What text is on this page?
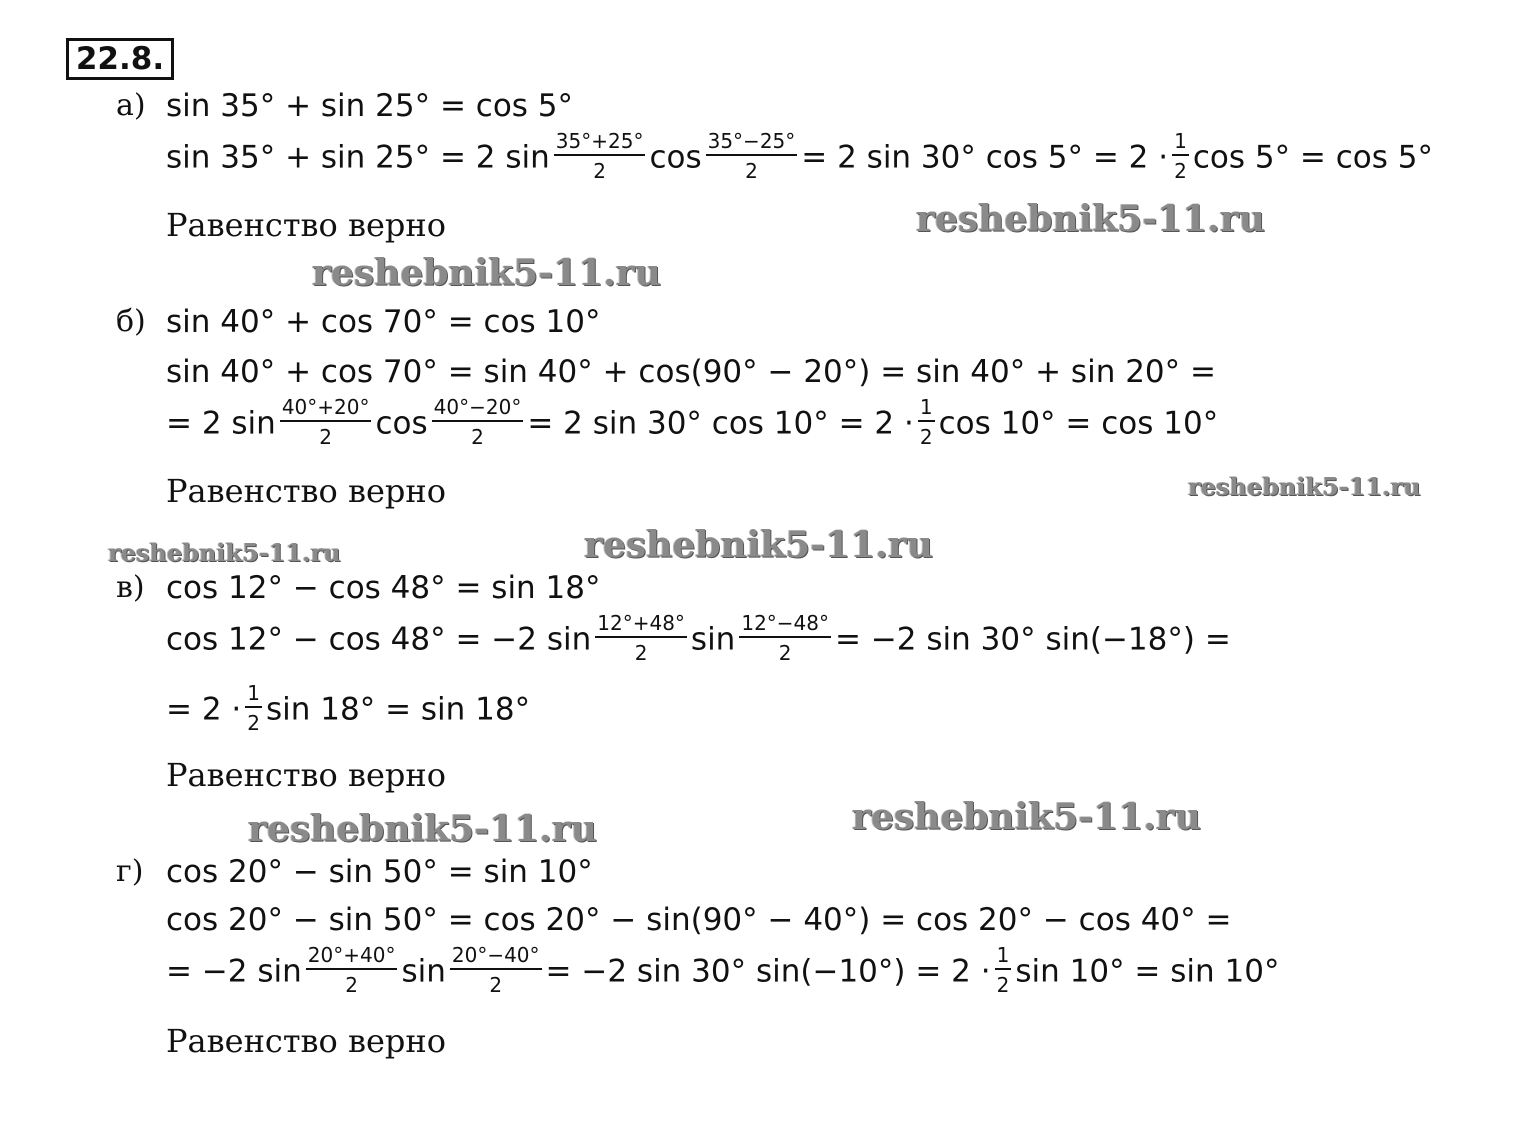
22.8.
а) sin 35° + sin 25° = cos 5°
sin 35° + sin 25° = 2 $\sin \frac{35^\circ+25^\circ}{2}$ $\cos \frac{35^\circ-25^\circ}{2} = 2$ sin 30° $\cos 5^\circ = 2 \cdot \frac{1}{2}$ cos 5° = cos 5°
Равенство верно	reshebnik5-11.ru
reshebnik5-11.ru
б) sin 40° + cos 70° = cos 10°
sin 40° + cos 70° = sin 40° + cos(90° − 20°) = sin 40° + sin 20° =
= 2 $\sin \frac{40^\circ+20^\circ}{2}$ $\cos \frac{40^\circ-20^\circ}{2} = 2$ sin 30° $\cos 10^\circ = 2 \cdot \frac{1}{2}$ cos 10° = cos 10°
Равенство верно	reshebnik5-11.ru
reshebnik5-11.ru	reshebnik5-11.ru
в) cos 12° − cos 48° = sin 18°
cos 12° − cos 48° = −2 $\sin \frac{12^\circ+48^\circ}{2}$ $\sin \frac{12^\circ-48^\circ}{2} = -2$ sin 30° sin(−18°) =
= $2 \cdot \frac{1}{2}$ sin 18° = sin 18°
Равенство верно
reshebnik5-11.ru
reshebnik5-11.ru
г) cos 20° − sin 50° = sin 10°
cos 20° − sin 50° = cos 20° − sin(90° − 40°) = cos 20° − cos 40° =
= −2 $\sin \frac{20^\circ+40^\circ}{2}$ $\sin \frac{20^\circ-40^\circ}{2} = -2$ sin 30° $\sin(-10^\circ) = 2 \cdot \frac{1}{2}$ sin 10° = sin 10°
Равенство верно
